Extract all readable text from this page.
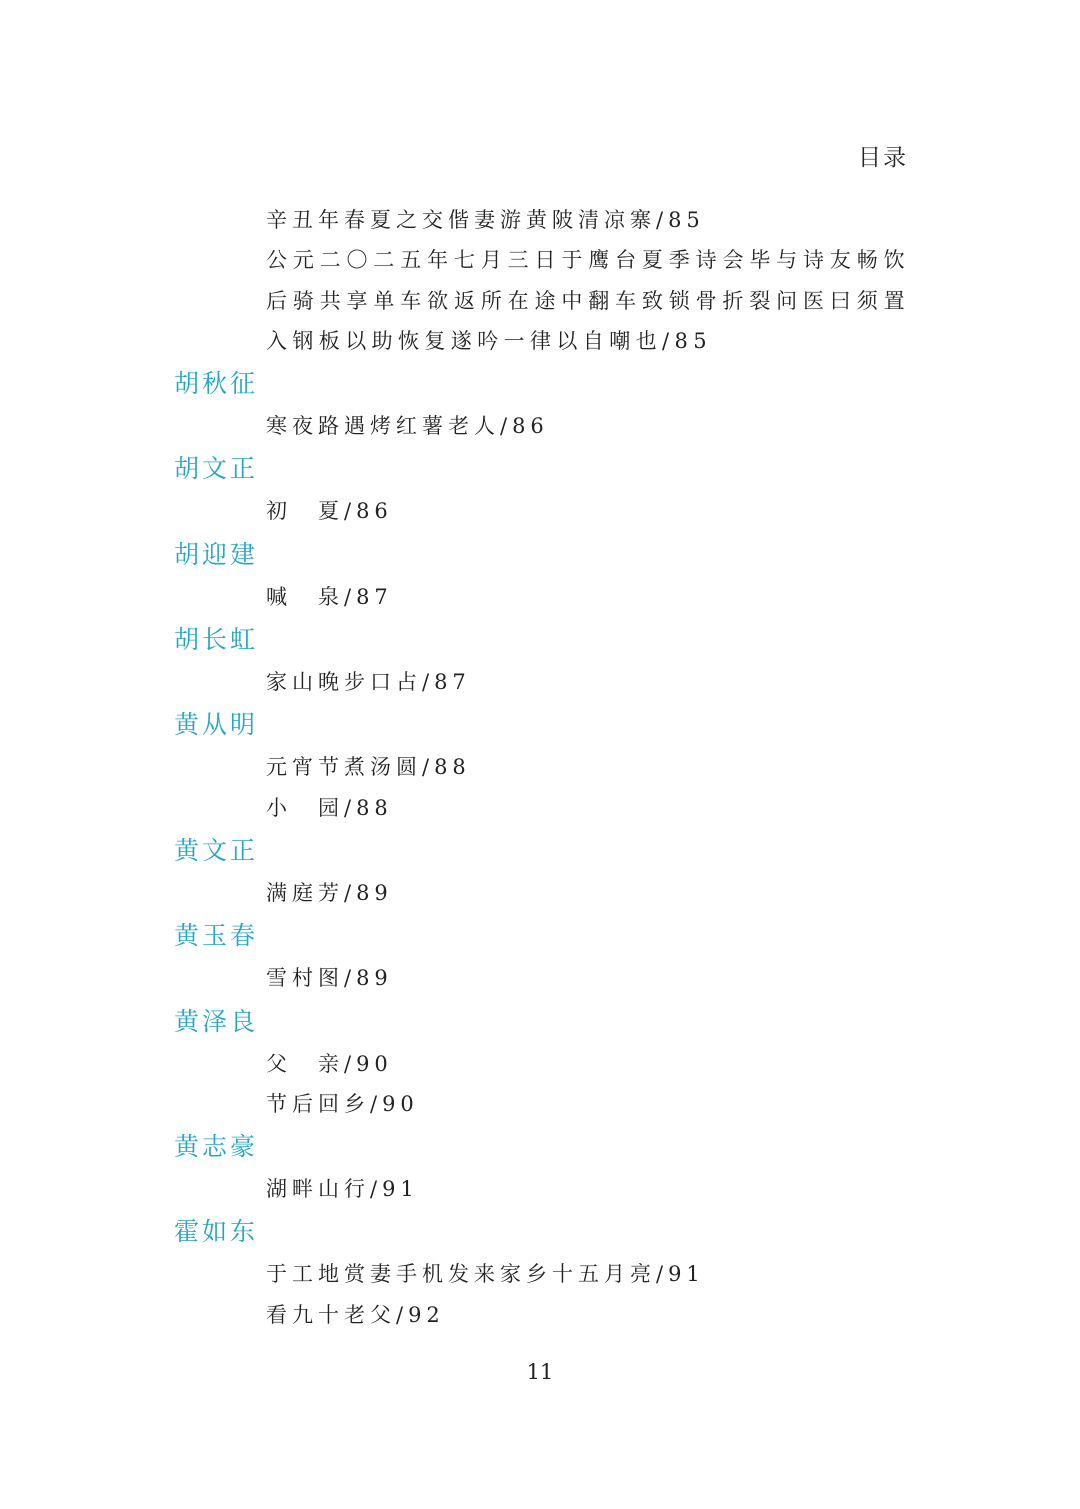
目录
辛丑年春夏之交偕妻游黄陂清凉寨/85
公元二〇二五年七月三日于鹰台夏季诗会毕与诗友畅饮后骑共享单车欲返所在途中翻车致锁骨折裂问医曰须置入钢板以助恢复遂吟一律以自嘲也/85
胡秋征
寒夜路遇烤红薯老人/86
胡文正
初　夏/86
胡迎建
喊　泉/87
胡长虹
家山晚步口占/87
黄从明
元宵节煮汤圆/88
小　园/88
黄文正
满庭芳/89
黄玉春
雪村图/89
黄泽良
父　亲/90
节后回乡/90
黄志豪
湖畔山行/91
霍如东
于工地赏妻手机发来家乡十五月亮/91
看九十老父/92
11
